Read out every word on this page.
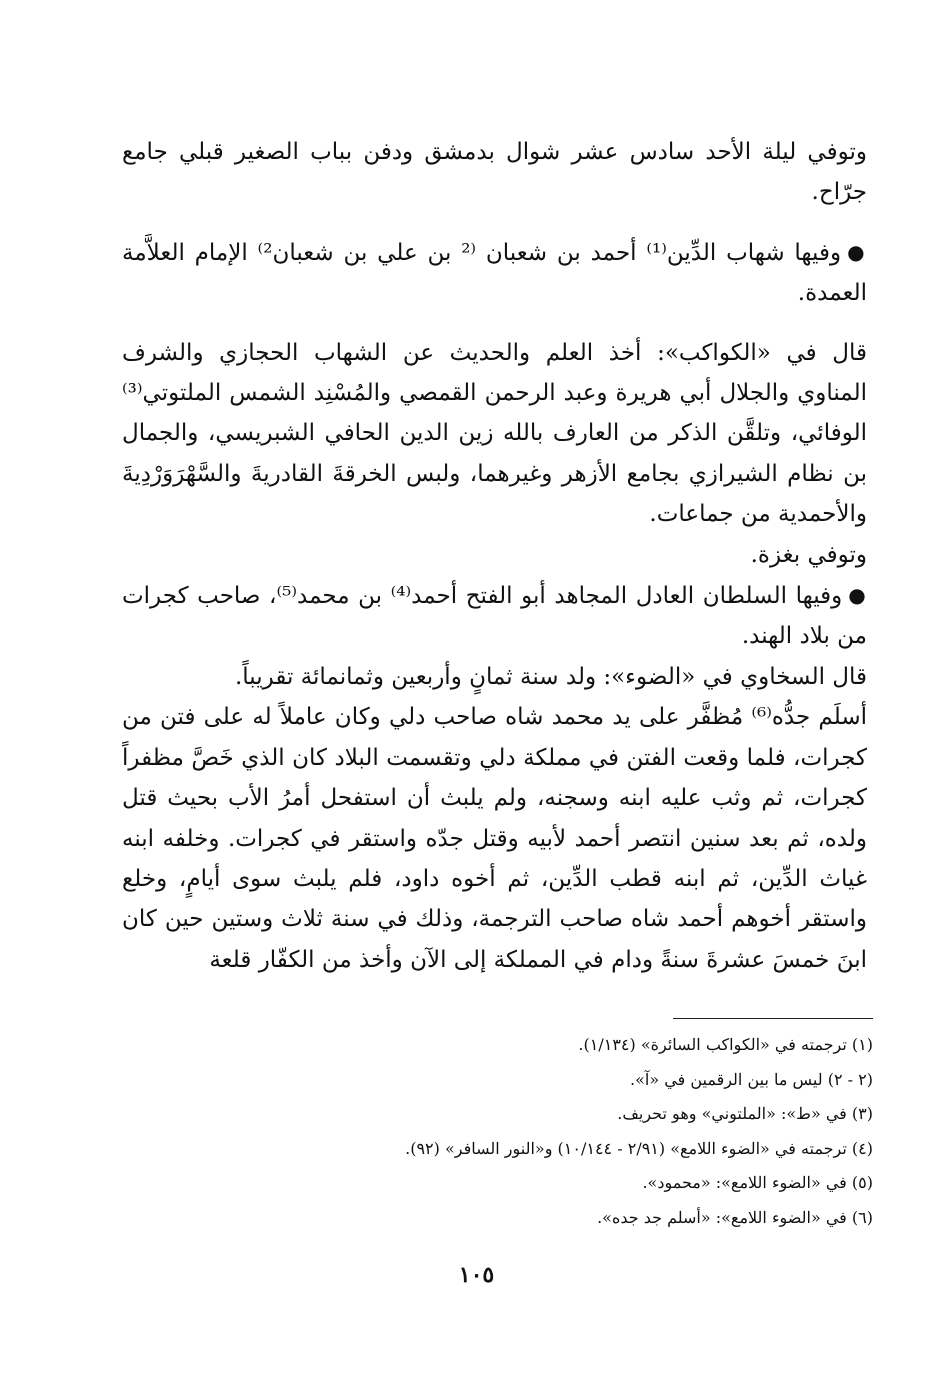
وتوفي ليلة الأحد سادس عشر شوال بدمشق ودفن بباب الصغير قبلي جامع جرّاح.

●وفيها شهاب الدِّين⁽¹⁾ أحمد بن شعبان ⁽² بن علي بن شعبان²⁾ الإمام العلاَّمة العمدة.

قال في «الكواكب»: أخذ العلم والحديث عن الشهاب الحجازي والشرف المناوي والجلال أبي هريرة وعبد الرحمن القمصي والمُسْنِد الشمس الملتوتي⁽³⁾ الوفائي، وتلقَّن الذكر من العارف بالله زين الدين الحافي الشبريسي، والجمال بن نظام الشيرازي بجامع الأزهر وغيرهما، ولبس الخرقةَ القادريةَ والسَّهْرَوَرْدِيةَ والأحمدية من جماعات.

وتوفي بغزة.

●وفيها السلطان العادل المجاهد أبو الفتح أحمد⁽⁴⁾ بن محمد⁽⁵⁾، صاحب كجرات من بلاد الهند.

قال السخاوي في «الضوء»: ولد سنة ثمانٍ وأربعين وثمانمائة تقريباً.

أسلَم جدُّه⁽⁶⁾ مُظفَّر على يد محمد شاه صاحب دلي وكان عاملاً له على فتن من كجرات، فلما وقعت الفتن في مملكة دلي وتقسمت البلاد كان الذي خَصَّ مظفراً كجرات، ثم وثب عليه ابنه وسجنه، ولم يلبث أن استفحل أمرُ الأب بحيث قتل ولده، ثم بعد سنين انتصر أحمد لأبيه وقتل جدّه واستقر في كجرات. وخلفه ابنه غياث الدِّين، ثم ابنه قطب الدِّين، ثم أخوه داود، فلم يلبث سوى أيامٍ، وخلع واستقر أخوهم أحمد شاه صاحب الترجمة، وذلك في سنة ثلاث وستين حين كان ابنَ خمسَ عشرةَ سنةً ودام في المملكة إلى الآن وأخذ من الكفّار قلعة

(١) ترجمته في «الكواكب السائرة» (١/١٣٤).

(٢ - ٢) ليس ما بين الرقمين في «آ».

(٣) في «ط»: «الملتوني» وهو تحريف.

(٤) ترجمته في «الضوء اللامع» (٢/٩١ - ١٠/١٤٤) و«النور السافر» (٩٢).

(٥) في «الضوء اللامع»: «محمود».

(٦) في «الضوء اللامع»: «أسلم جد جده».

١٠٥
